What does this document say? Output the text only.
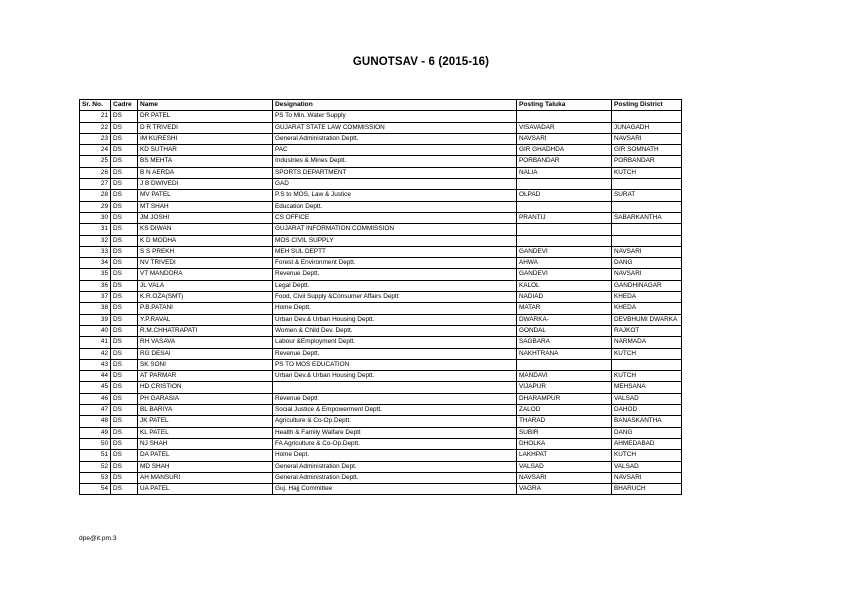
GUNOTSAV - 6 (2015-16)
Sr. No.	Cadre	Name	Designation	Posting Taluka	Posting District
21	DS	DR PATEL	PS To Min. Water Supply		
22	DS	D R TRIVEDI	GUJARAT STATE LAW COMMISSION	VISAVADAR	JUNAGADH
23	DS	IM KURESHI	General Administration Deptt.	NAVSARI	NAVSARI
24	DS	KD SUTHAR	PAC	GIR GHADHDA	GIR SOMNATH
25	DS	BS MEHTA	Industries & Mines Deptt.	PORBANDAR	PORBANDAR
26	DS	B N AERDA	SPORTS DEPARTMENT	NALIA	KUTCH
27	DS	J B DWIVEDI	GAD		
28	DS	MV PATEL	P.S to MOS, Law & Justice	OLPAD	SURAT
29	DS	MT SHAH	Education Deptt.		
30	DS	JM JOSHI	CS OFFICE	PRANTIJ	SABARKANTHA
31	DS	KS DIWAN	GUJARAT INFORMATION COMMISSION		
32	DS	K D MODHA	MOS CIVIL SUPPLY		
33	DS	S S PREKH	MEH SUL DEPTT	GANDEVI	NAVSARI
34	DS	NV TRIVEDI	Forest & Environment Deptt.	AHWA	DANG
35	DS	VT MANDORA	Revenue Deptt.	GANDEVI	NAVSARI
36	DS	JL VALA	Legal Deptt.	KALOL	GANDHINAGAR
37	DS	K.R.OZA(SMT)	Food, Civil Supply &Consumer Affairs Deptt	NADIAD	KHEDA
38	DS	P.B.PATANI	Home Deptt.	MATAR	KHEDA
39	DS	Y.P.RAVAL	Urban Dev.& Urban Housing Deptt.	DWARKA-	DEVBHUMI DWARKA
40	DS	R.M.CHHATRAPATI	Women & Child Dev. Deptt.	GONDAL	RAJKOT
41	DS	RH VASAVA	Labour &Employment Deptt.	SAGBARA	NARMADA
42	DS	RG DESAI	Revenue Deptt.	NAKHTRANA	KUTCH
43	DS	SK SONI	PS TO MOS EDUCATION		
44	DS	AT PARMAR	Urban Dev.& Urban Housing Deptt.	MANDAVI	KUTCH
45	DS	HD CRISTION		VIJAPUR	MEHSANA
46	DS	PH GARASIA	Revenue Deptt	DHARAMPUR	VALSAD
47	DS	BL BARIYA	Social Justice & Empowerment Deptt.	ZALOD	DAHOD
48	DS	JK PATEL	Agriculture & Co-Op.Deptt.	THARAD	BANASKANTHA
49	DS	KL PATEL	Health & Family Walfare Deptt	SUBIR	DANG
50	DS	NJ SHAH	FA Agriculture & Co-Op.Deptt.	DHOLKA	AHMEDABAD
51	DS	DA PATEL	Home Dept.	LAKHPAT	KUTCH
52	DS	MD SHAH	General Administration Dept.	VALSAD	VALSAD
53	DS	AH MANSURI	General Administration Deptt.	NAVSARI	NAVSARI
54	DS	UA PATEL	Guj. Hajj Committee	VAGRA	BHARUCH
dpe@it.pm.3
